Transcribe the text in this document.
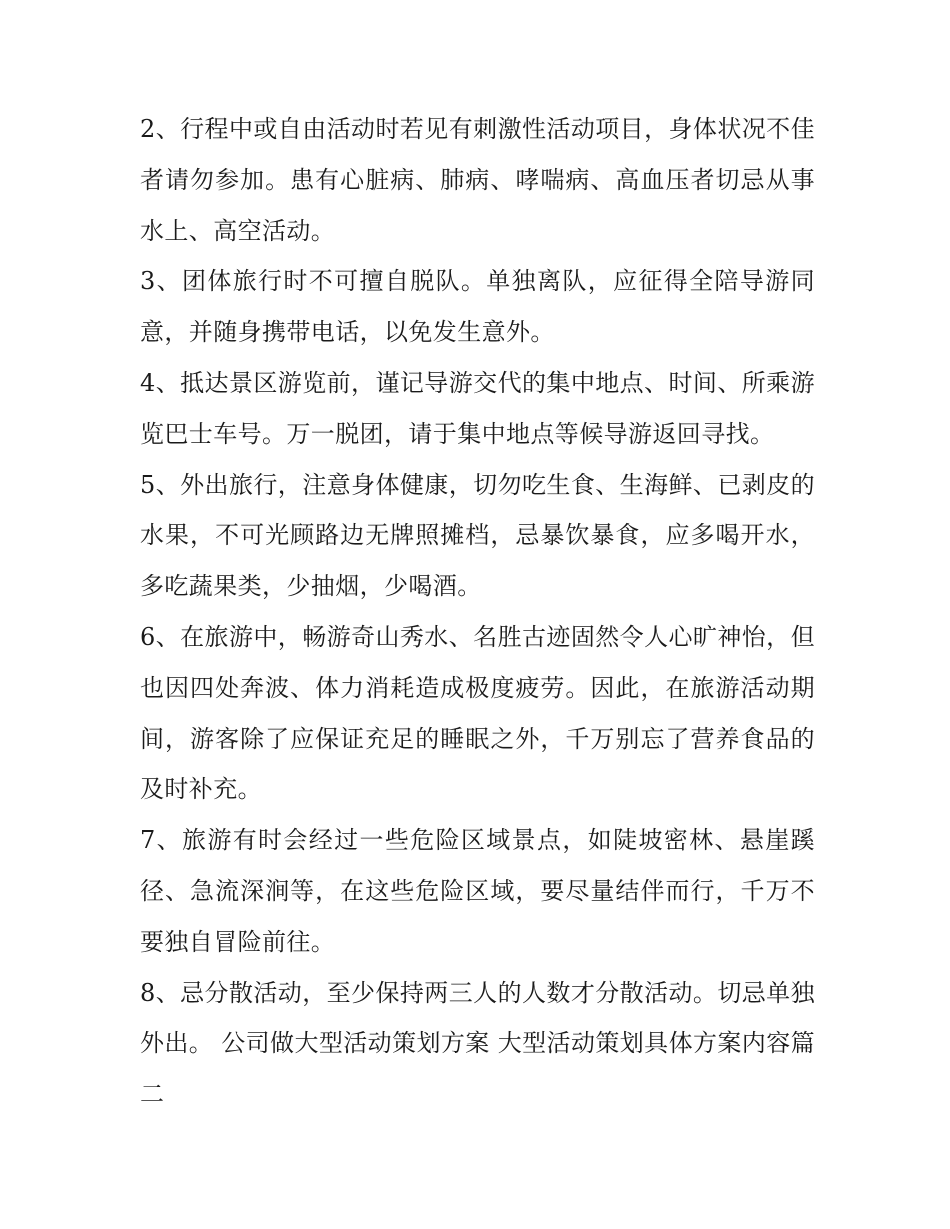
2、行程中或自由活动时若见有刺激性活动项目，身体状况不佳者请勿参加。患有心脏病、肺病、哮喘病、高血压者切忌从事水上、高空活动。

3、团体旅行时不可擅自脱队。单独离队，应征得全陪导游同意，并随身携带电话，以免发生意外。

4、抵达景区游览前，谨记导游交代的集中地点、时间、所乘游览巴士车号。万一脱团，请于集中地点等候导游返回寻找。

5、外出旅行，注意身体健康，切勿吃生食、生海鲜、已剥皮的水果，不可光顾路边无牌照摊档，忌暴饮暴食，应多喝开水，多吃蔬果类，少抽烟，少喝酒。

6、在旅游中，畅游奇山秀水、名胜古迹固然令人心旷神怡，但也因四处奔波、体力消耗造成极度疲劳。因此，在旅游活动期间，游客除了应保证充足的睡眠之外，千万别忘了营养食品的及时补充。

7、旅游有时会经过一些危险区域景点，如陡坡密林、悬崖蹊径、急流深涧等，在这些危险区域，要尽量结伴而行，千万不要独自冒险前往。

8、忌分散活动，至少保持两三人的人数才分散活动。切忌单独外出。 公司做大型活动策划方案 大型活动策划具体方案内容篇二
